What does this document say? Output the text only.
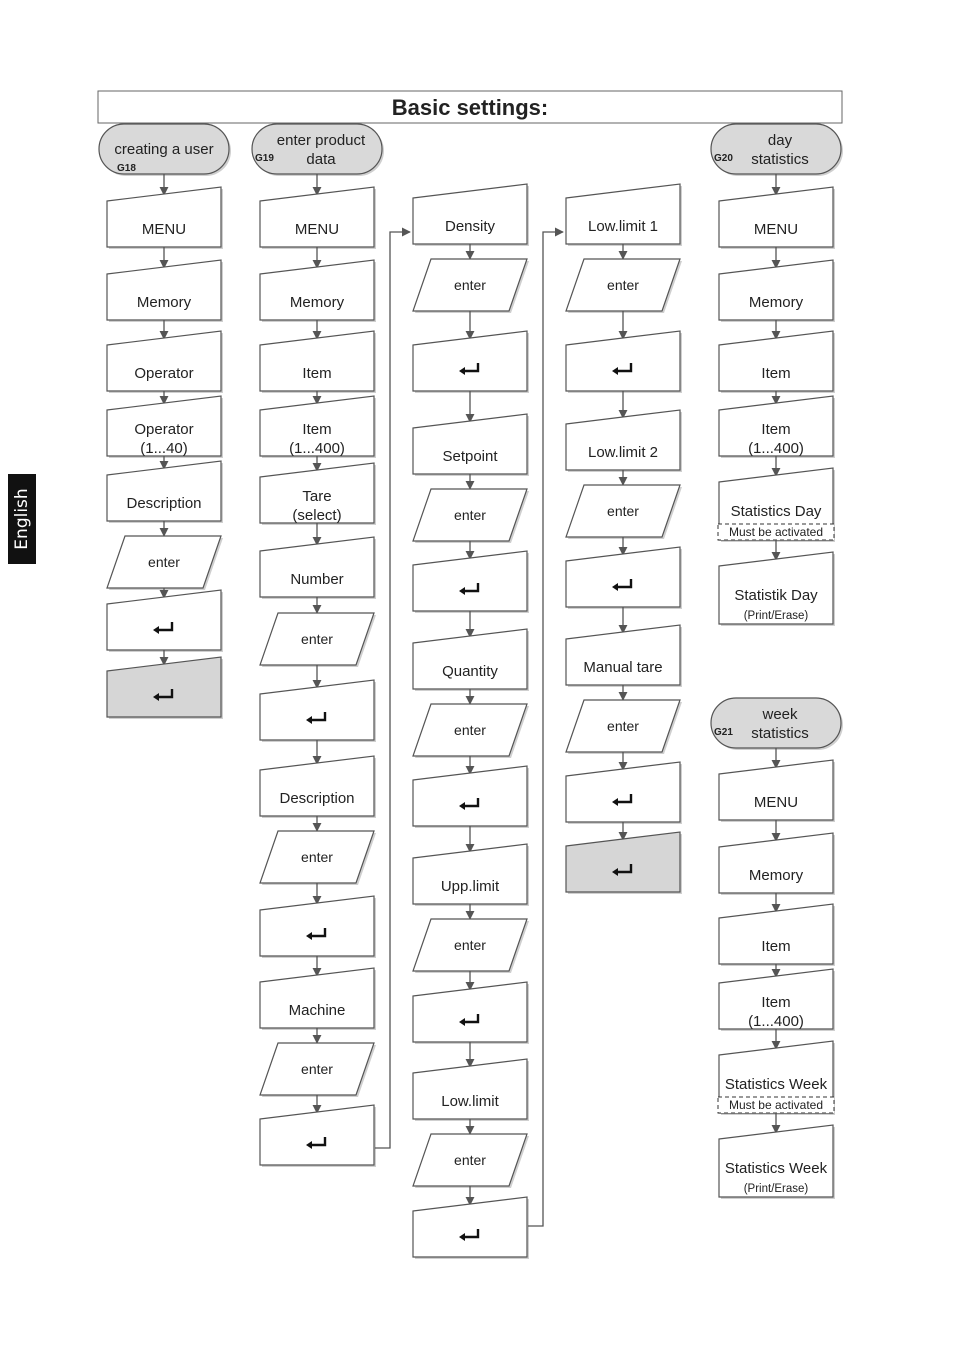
English
Basic settings:
creating a user
G18
MENU
Memory
Operator
Operator
(1...40)
Description
enter
enter product
data
G19
MENU
Memory
Item
Item
(1...400)
Tare
(select)
Number
enter
Description
enter
Machine
enter
Density
enter
Setpoint
enter
Quantity
enter
Upp.limit
enter
Low.limit
enter
Low.limit 1
enter
Low.limit 2
enter
Manual tare
enter
day
statistics
G20
MENU
Memory
Item
Item
(1...400)
Statistics Day
Must be activated
Statistik Day
(Print/Erase)
week
statistics
G21
MENU
Memory
Item
Item
(1...400)
Statistics Week
Must be activated
Statistics Week
(Print/Erase)
